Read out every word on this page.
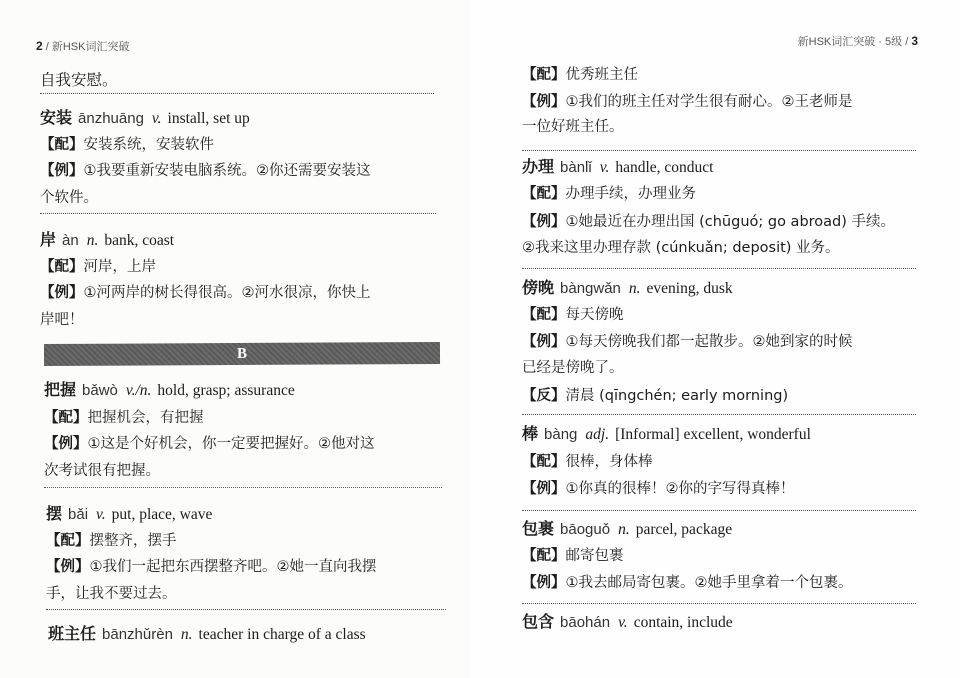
2 / 新HSK词汇突破
自我安慰。
安装 ānzhuāng v. install, set up
【配】安装系统，安装软件
【例】①我要重新安装电脑系统。②你还需要安装这
个软件。
岸 àn n. bank, coast
【配】河岸，上岸
【例】①河两岸的树长得很高。②河水很凉，你快上
岸吧！
B
把握 bǎwò v./n. hold, grasp; assurance
【配】把握机会，有把握
【例】①这是个好机会，你一定要把握好。②他对这
次考试很有把握。
摆 bǎi v. put, place, wave
【配】摆整齐，摆手
【例】①我们一起把东西摆整齐吧。②她一直向我摆
手，让我不要过去。
班主任 bānzhǔrèn n. teacher in charge of a class
新HSK词汇突破 · 5级 / 3
【配】优秀班主任
【例】①我们的班主任对学生很有耐心。②王老师是
一位好班主任。
办理 bànlǐ v. handle, conduct
【配】办理手续，办理业务
【例】①她最近在办理出国 (chūguó; go abroad) 手续。
②我来这里办理存款 (cúnkuǎn; deposit) 业务。
傍晚 bàngwǎn n. evening, dusk
【配】每天傍晚
【例】①每天傍晚我们都一起散步。②她到家的时候
已经是傍晚了。
【反】清晨 (qīngchén; early morning)
棒 bàng adj. [Informal] excellent, wonderful
【配】很棒，身体棒
【例】①你真的很棒！②你的字写得真棒！
包裹 bāoguǒ n. parcel, package
【配】邮寄包裹
【例】①我去邮局寄包裹。②她手里拿着一个包裹。
包含 bāohán v. contain, include
